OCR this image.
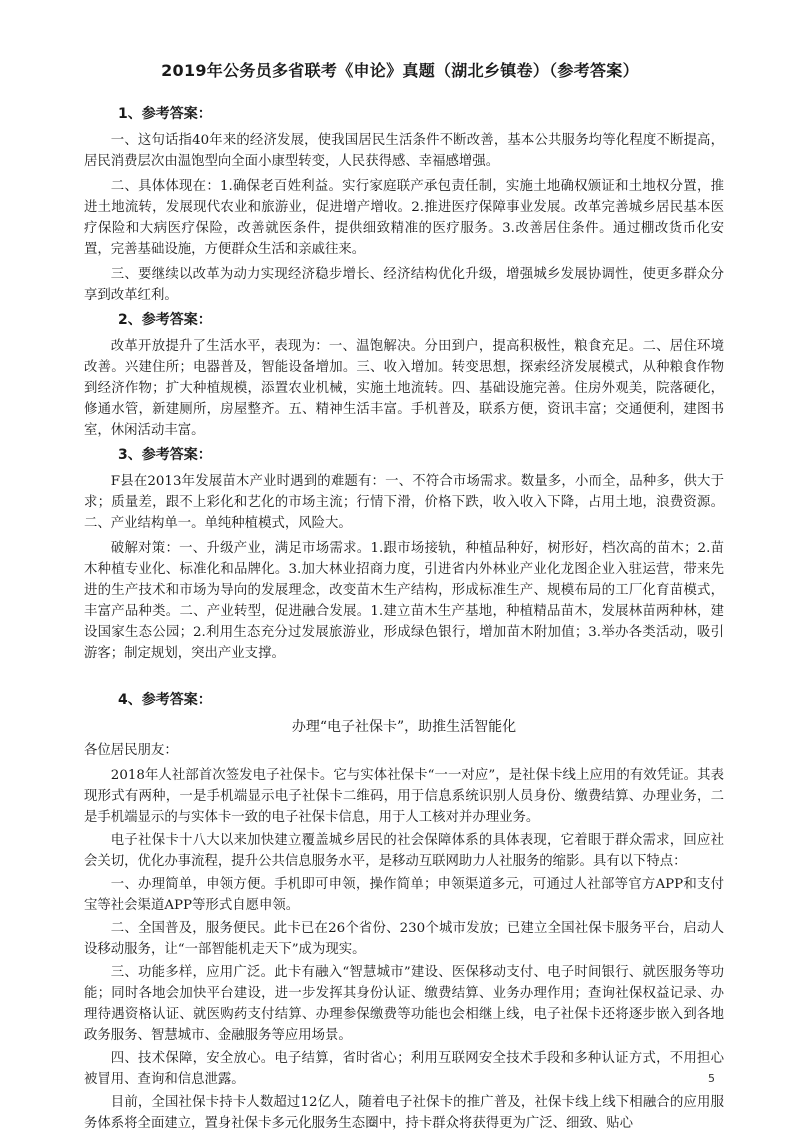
2019年公务员多省联考《申论》真题（湖北乡镇卷）（参考答案）
1、参考答案：

一、这句话指40年来的经济发展，使我国居民生活条件不断改善，基本公共服务均等化程度不断提高，居民消费层次由温饱型向全面小康型转变，人民获得感、幸福感增强。

二、具体体现在：1.确保老百姓利益。实行家庭联产承包责任制，实施土地确权颁证和土地权分置，推进土地流转，发展现代农业和旅游业，促进增产增收。2.推进医疗保障事业发展。改革完善城乡居民基本医疗保险和大病医疗保险，改善就医条件，提供细致精准的医疗服务。3.改善居住条件。通过棚改货币化安置，完善基础设施，方便群众生活和亲戚往来。

三、要继续以改革为动力实现经济稳步增长、经济结构优化升级，增强城乡发展协调性，使更多群众分享到改革红利。

2、参考答案：

改革开放提升了生活水平，表现为：一、温饱解决。分田到户，提高积极性，粮食充足。二、居住环境改善。兴建住所；电器普及，智能设备增加。三、收入增加。转变思想，探索经济发展模式，从种粮食作物到经济作物；扩大种植规模，添置农业机械，实施土地流转。四、基础设施完善。住房外观美，院落硬化，修通水管，新建厕所，房屋整齐。五、精神生活丰富。手机普及，联系方便，资讯丰富；交通便利，建图书室，休闲活动丰富。

3、参考答案：

F县在2013年发展苗木产业时遇到的难题有：一、不符合市场需求。数量多，小而全，品种多，供大于求；质量差，跟不上彩化和艺化的市场主流；行情下滑，价格下跌，收入收入下降，占用土地，浪费资源。二、产业结构单一。单纯种植模式，风险大。

破解对策：一、升级产业，满足市场需求。1.跟市场接轨，种植品种好，树形好，档次高的苗木；2.苗木种植专业化、标准化和品牌化。3.加大林业招商力度，引进省内外林业产业化龙图企业入驻运营，带来先进的生产技术和市场为导向的发展理念，改变苗木生产结构，形成标准生产、规模布局的工厂化育苗模式，丰富产品种类。二、产业转型，促进融合发展。1.建立苗木生产基地，种植精品苗木，发展林苗两种林，建设国家生态公园；2.利用生态充分过发展旅游业，形成绿色银行，增加苗木附加值；3.举办各类活动，吸引游客；制定规划，突出产业支撑。

4、参考答案：
办理“电子社保卡”，助推生活智能化
各位居民朋友：

2018年人社部首次签发电子社保卡。它与实体社保卡“一一对应”，是社保卡线上应用的有效凭证。其表现形式有两种，一是手机端显示电子社保卡二维码，用于信息系统识别人员身份、缴费结算、办理业务，二是手机端显示的与实体卡一致的电子社保卡信息，用于人工核对并办理业务。

电子社保卡十八大以来加快建立覆盖城乡居民的社会保障体系的具体表现，它着眼于群众需求，回应社会关切，优化办事流程，提升公共信息服务水平，是移动互联网助力人社服务的缩影。具有以下特点：

一、办理简单，申领方便。手机即可申领，操作简单；申领渠道多元，可通过人社部等官方APP和支付宝等社会渠道APP等形式自愿申领。

二、全国普及，服务便民。此卡已在26个省份、230个城市发放；已建立全国社保卡服务平台，启动人设移动服务，让“一部智能机走天下”成为现实。

三、功能多样，应用广泛。此卡有融入“智慧城市”建设、医保移动支付、电子时间银行、就医服务等功能；同时各地会加快平台建设，进一步发挥其身份认证、缴费结算、业务办理作用；查询社保权益记录、办理待遇资格认证、就医购药支付结算、办理参保缴费等功能也会相继上线，电子社保卡还将逐步嵌入到各地政务服务、智慧城市、金融服务等应用场景。

四、技术保障，安全放心。电子结算，省时省心；利用互联网安全技术手段和多种认证方式，不用担心被冒用、查询和信息泄露。

目前，全国社保卡持卡人数超过12亿人，随着电子社保卡的推广普及，社保卡线上线下相融合的应用服务体系将全面建立，置身社保卡多元化服务生态圈中，持卡群众将获得更为广泛、细致、贴心

5
